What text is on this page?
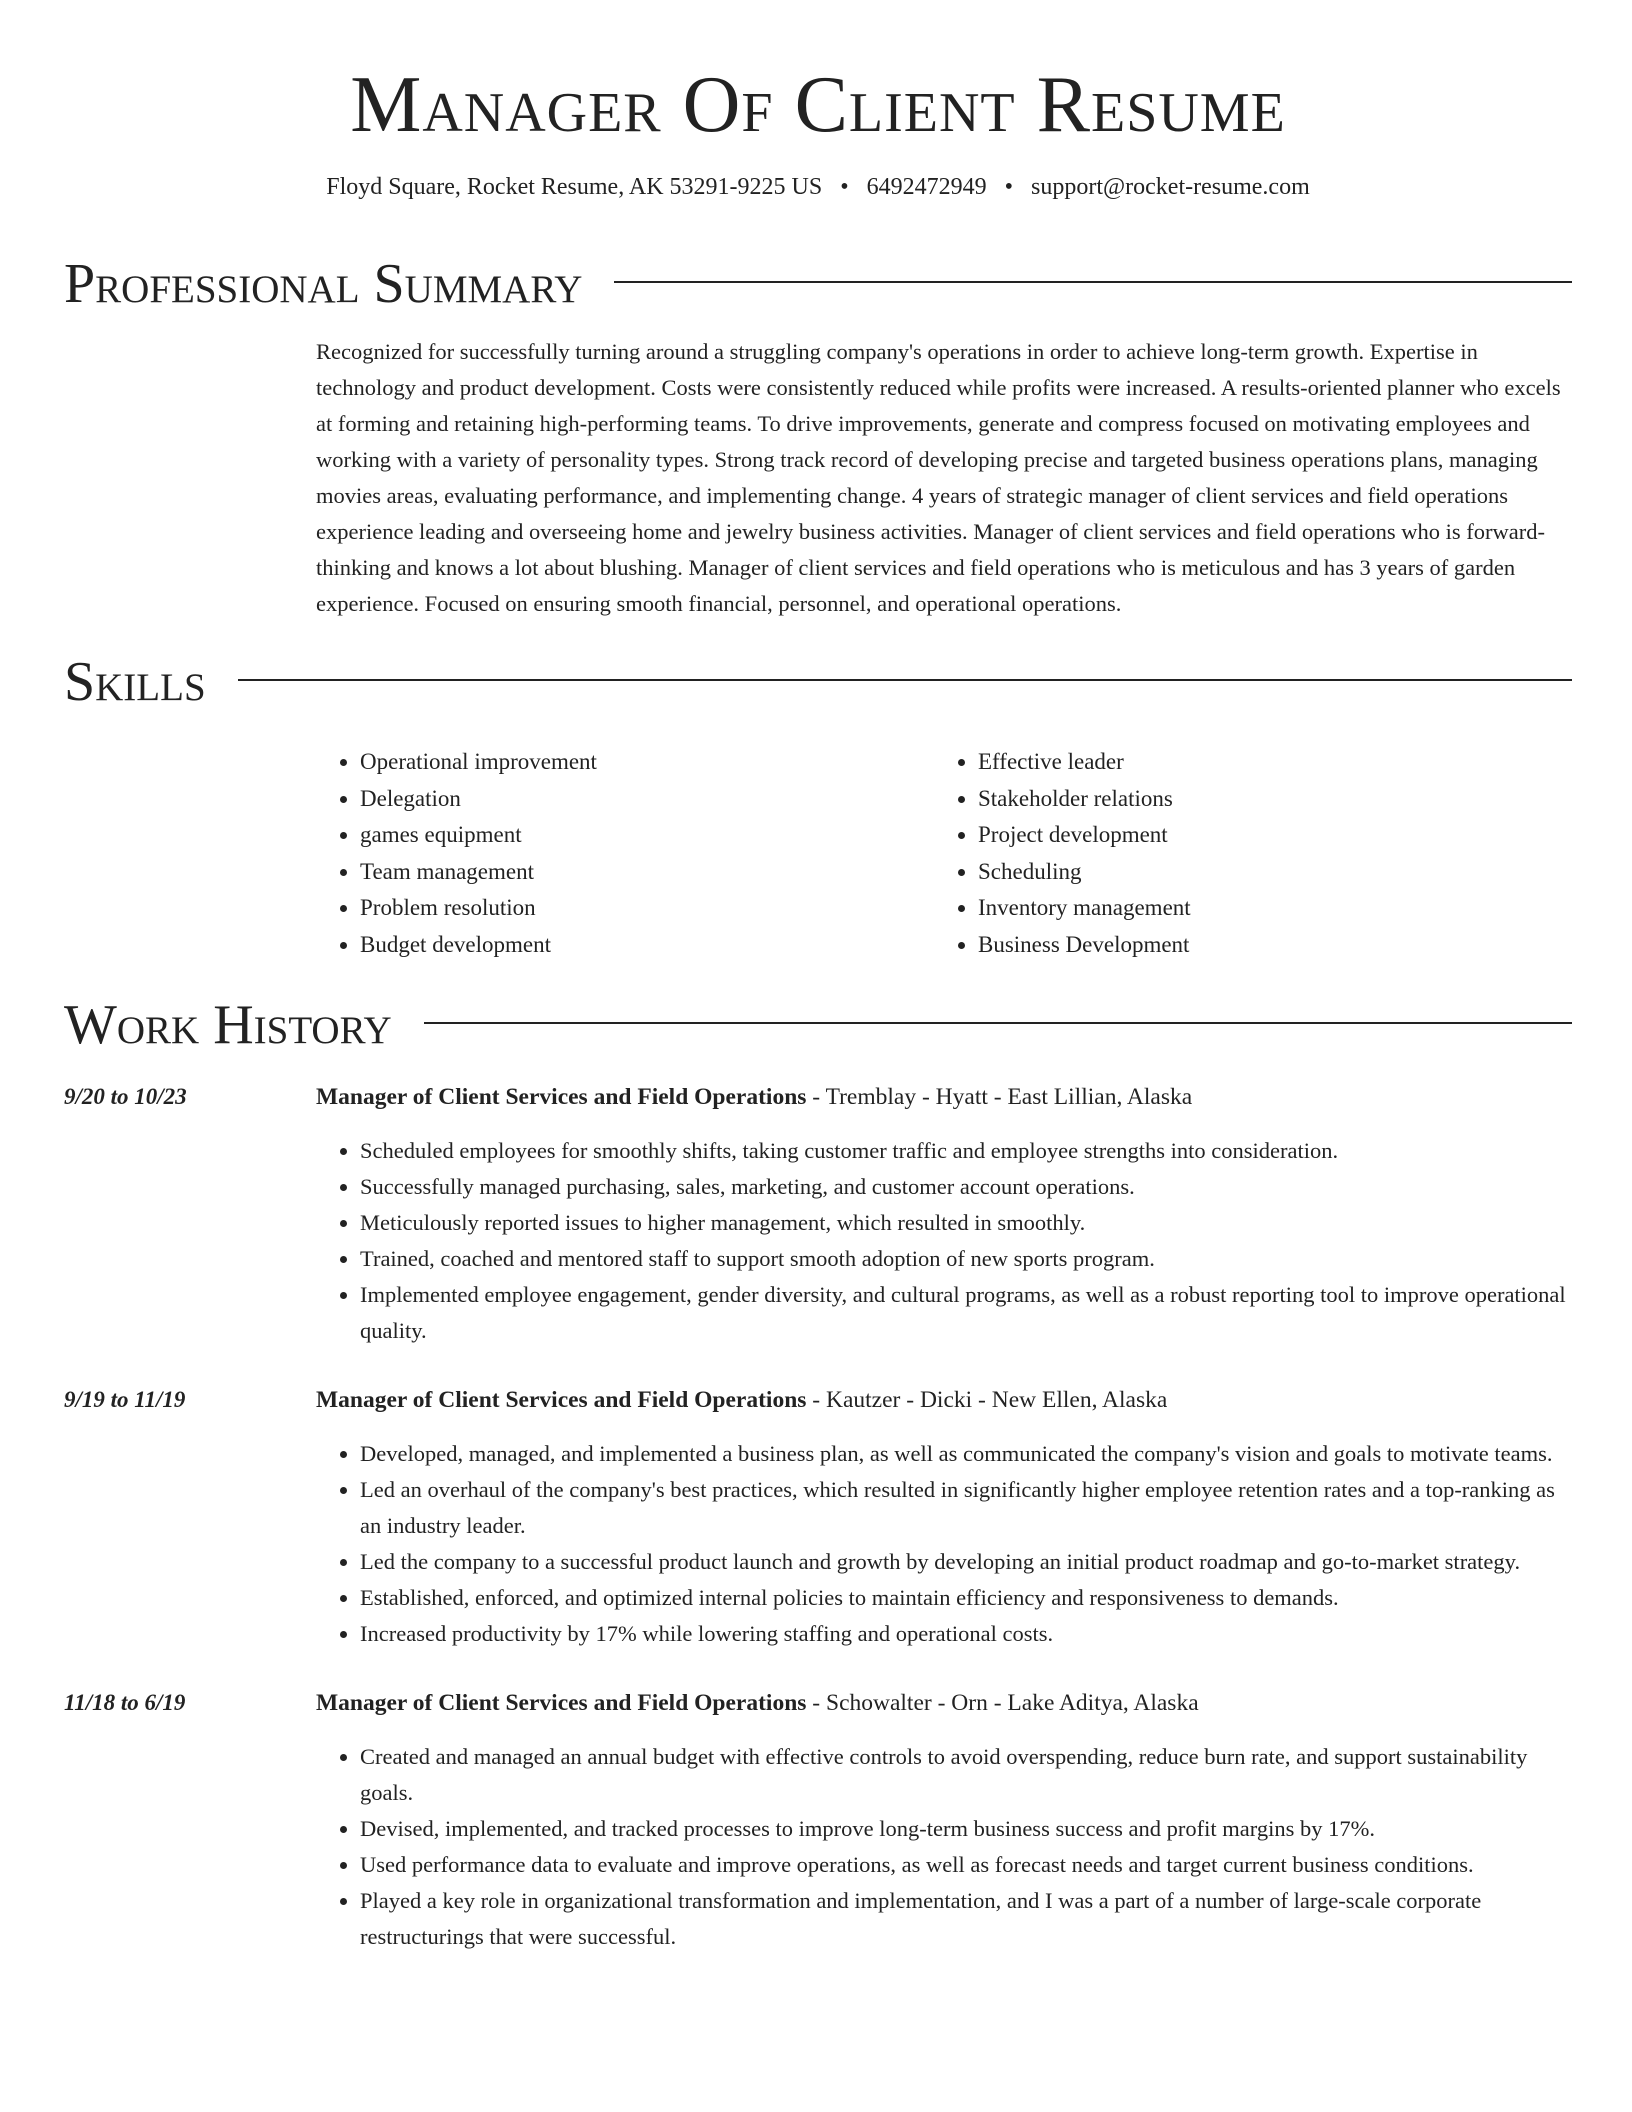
Manager Of Client Resume
Floyd Square, Rocket Resume, AK 53291-9225 US • 6492472949 • support@rocket-resume.com
Professional Summary

Recognized for successfully turning around a struggling company's operations in order to achieve long-term growth. Expertise in technology and product development. Costs were consistently reduced while profits were increased. A results-oriented planner who excels at forming and retaining high-performing teams. To drive improvements, generate and compress focused on motivating employees and working with a variety of personality types. Strong track record of developing precise and targeted business operations plans, managing movies areas, evaluating performance, and implementing change. 4 years of strategic manager of client services and field operations experience leading and overseeing home and jewelry business activities. Manager of client services and field operations who is forward-thinking and knows a lot about blushing. Manager of client services and field operations who is meticulous and has 3 years of garden experience. Focused on ensuring smooth financial, personnel, and operational operations.

Skills
• Operational improvement
• Delegation
• games equipment
• Team management
• Problem resolution
• Budget development
• Effective leader
• Stakeholder relations
• Project development
• Scheduling
• Inventory management
• Business Development
Work History
9/20 to 10/23	Manager of Client Services and Field Operations - Tremblay - Hyatt - East Lillian, Alaska
• Scheduled employees for smoothly shifts, taking customer traffic and employee strengths into consideration.
• Successfully managed purchasing, sales, marketing, and customer account operations.
• Meticulously reported issues to higher management, which resulted in smoothly.
• Trained, coached and mentored staff to support smooth adoption of new sports program.
• Implemented employee engagement, gender diversity, and cultural programs, as well as a robust reporting tool to improve operational quality.
9/19 to 11/19	Manager of Client Services and Field Operations - Kautzer - Dicki - New Ellen, Alaska
• Developed, managed, and implemented a business plan, as well as communicated the company's vision and goals to motivate teams.
• Led an overhaul of the company's best practices, which resulted in significantly higher employee retention rates and a top-ranking as an industry leader.
• Led the company to a successful product launch and growth by developing an initial product roadmap and go-to-market strategy.
• Established, enforced, and optimized internal policies to maintain efficiency and responsiveness to demands.
• Increased productivity by 17% while lowering staffing and operational costs.
11/18 to 6/19	Manager of Client Services and Field Operations - Schowalter - Orn - Lake Aditya, Alaska
• Created and managed an annual budget with effective controls to avoid overspending, reduce burn rate, and support sustainability goals.
• Devised, implemented, and tracked processes to improve long-term business success and profit margins by 17%.
• Used performance data to evaluate and improve operations, as well as forecast needs and target current business conditions.
• Played a key role in organizational transformation and implementation, and I was a part of a number of large-scale corporate restructurings that were successful.
